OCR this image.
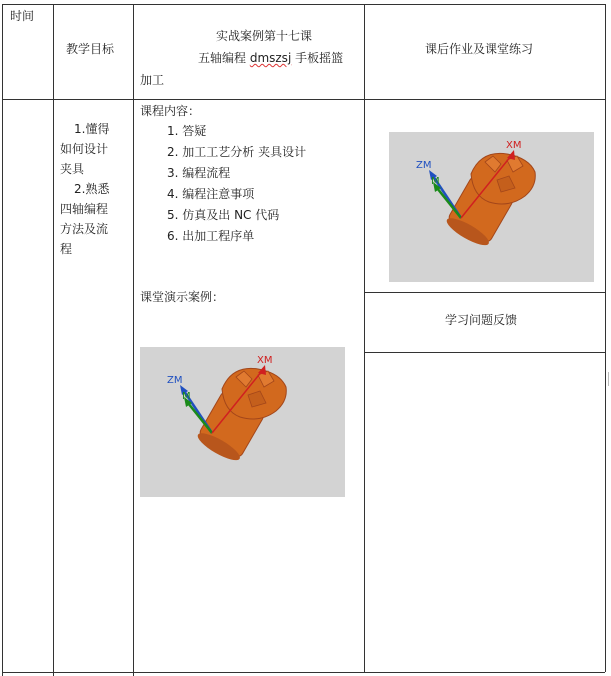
时间
教学目标
实战案例第十七课
五轴编程 dmszsj 手板摇篮
加工
课后作业及课堂练习
1.懂得
如何设计
夹具
2.熟悉
四轴编程
方法及流
程
课程内容：
1. 答疑
2. 加工工艺分析 夹具设计
3. 编程流程
4. 编程注意事项
5. 仿真及出 NC 代码
6. 出加工程序单
课堂演示案例：
ZM
M
XM
ZM
M
XM
学习问题反馈
